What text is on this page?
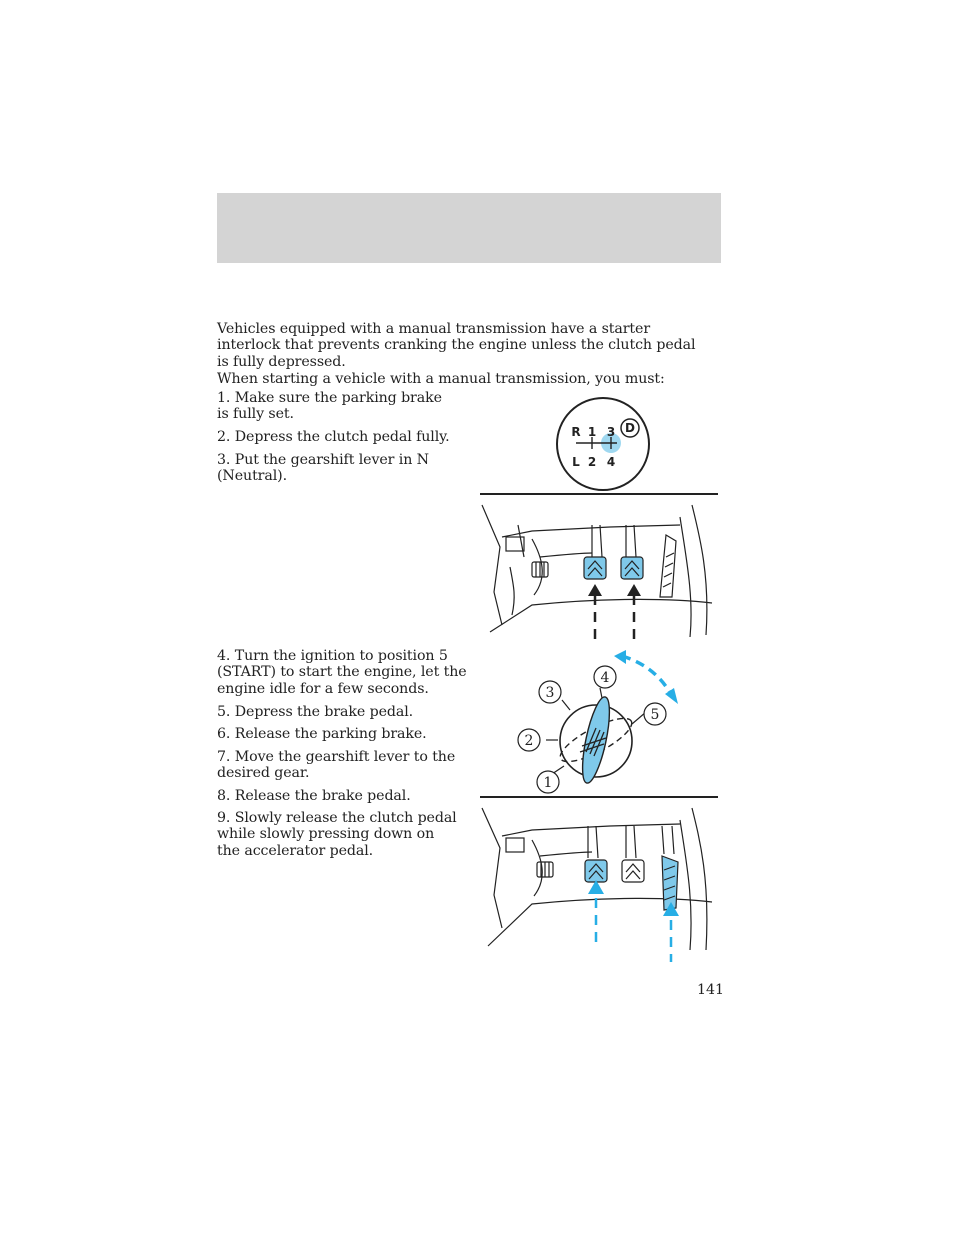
Vehicles equipped with a manual transmission have a starter interlock that prevents cranking the engine unless the clutch pedal is fully depressed.
When starting a vehicle with a manual transmission, you must:
1. Make sure the parking brake is fully set.
2. Depress the clutch pedal fully.
3. Put the gearshift lever in N (Neutral).
4. Turn the ignition to position 5 (START) to start the engine, let the engine idle for a few seconds.
5. Depress the brake pedal.
6. Release the parking brake.
7. Move the gearshift lever to the desired gear.
8. Release the brake pedal.
9. Slowly release the clutch pedal while slowly pressing down on the accelerator pedal.
R 1 3 D
L 2 4
1
2
3
4
5
141
